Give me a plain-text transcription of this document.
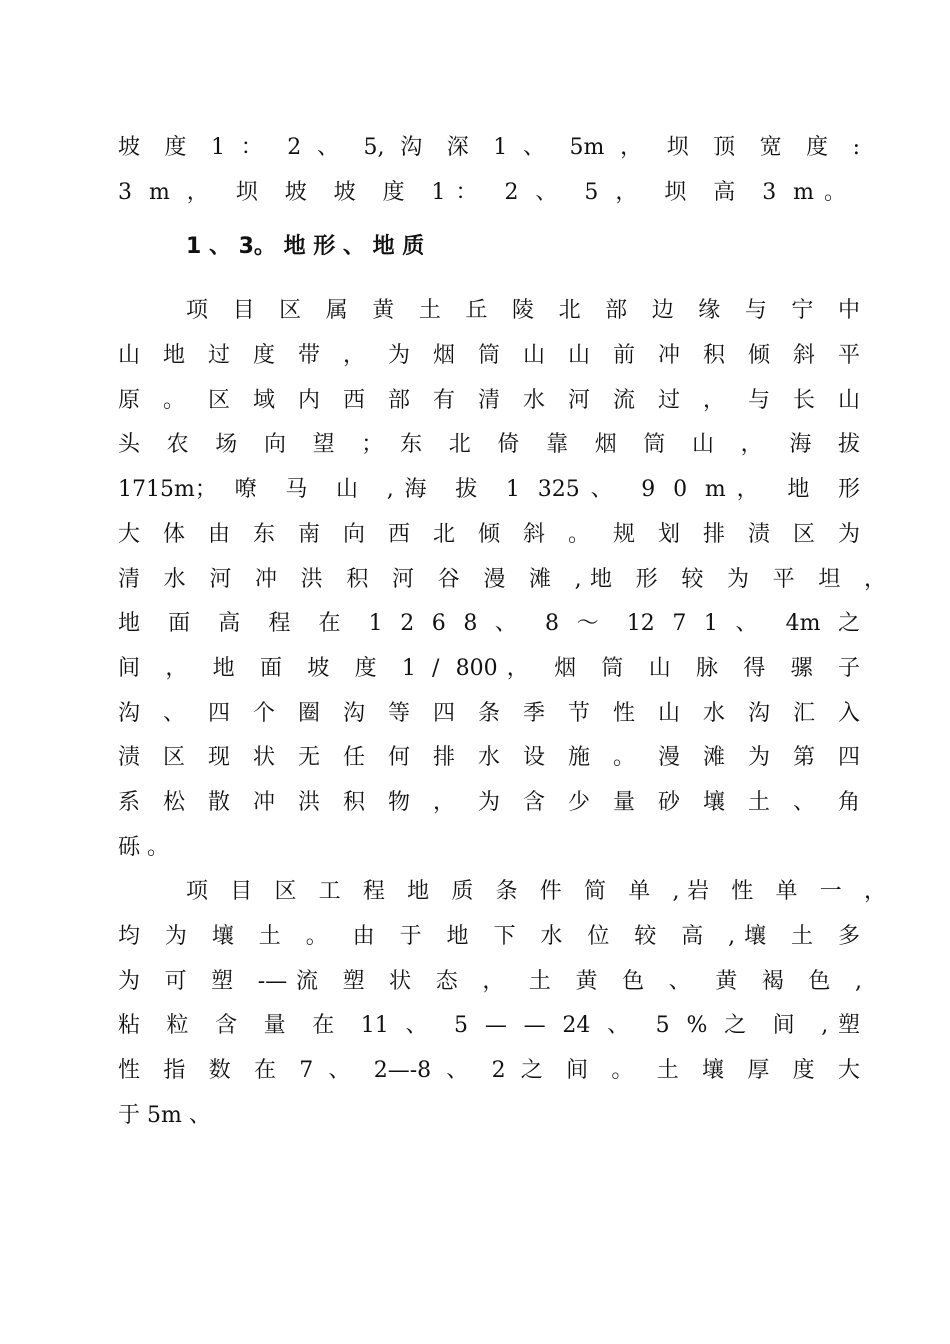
坡 度 1 ： 2 、 5, 沟 深 1 、 5m ， 坝 顶 宽 度 :
3 m ， 坝 坡 坡 度 1： 2 、 5 ， 坝 高 3 m。
1 、 3。 地 形 、 地 质
项 目 区 属 黄 土 丘 陵 北 部 边 缘 与 宁 中
山 地 过 度 带 ， 为 烟 筒 山 山 前 冲 积 倾 斜 平
原 。 区 域 内 西 部 有 清 水 河 流 过 ， 与 长 山
头 农 场 向 望 ； 东 北 倚 靠 烟 筒 山 ， 海 拔
1715m； 嘹 马 山 ,海 拔 1 325、 9 0 m， 地 形
大 体 由 东 南 向 西 北 倾 斜 。 规 划 排 渍 区 为
清 水 河 冲 洪 积 河 谷 漫 滩 ,地 形 较 为 平 坦 ，
地 面 高 程 在 1 2 6 8 、 8 ～ 12 7 1 、 4m 之
间 ， 地 面 坡 度 1 / 800， 烟 筒 山 脉 得 骡 子
沟 、 四 个 圈 沟 等 四 条 季 节 性 山 水 沟 汇 入
渍 区 现 状 无 任 何 排 水 设 施 。 漫 滩 为 第 四
系 松 散 冲 洪 积 物 ， 为 含 少 量 砂 壤 土 、 角
砾 。
项 目 区 工 程 地 质 条 件 简 单 ,岩 性 单 一 ，
均 为 壤 土 。 由 于 地 下 水 位 较 高 ,壤 土 多
为 可 塑 -—流 塑 状 态 ， 土 黄 色 、 黄 褐 色 ,
粘 粒 含 量 在 11 、 5 — — 24 、 5 % 之 间 ,塑
性 指 数 在 7 、 2—-8 、 2 之 间 。 土 壤 厚 度 大
于 5m 、
